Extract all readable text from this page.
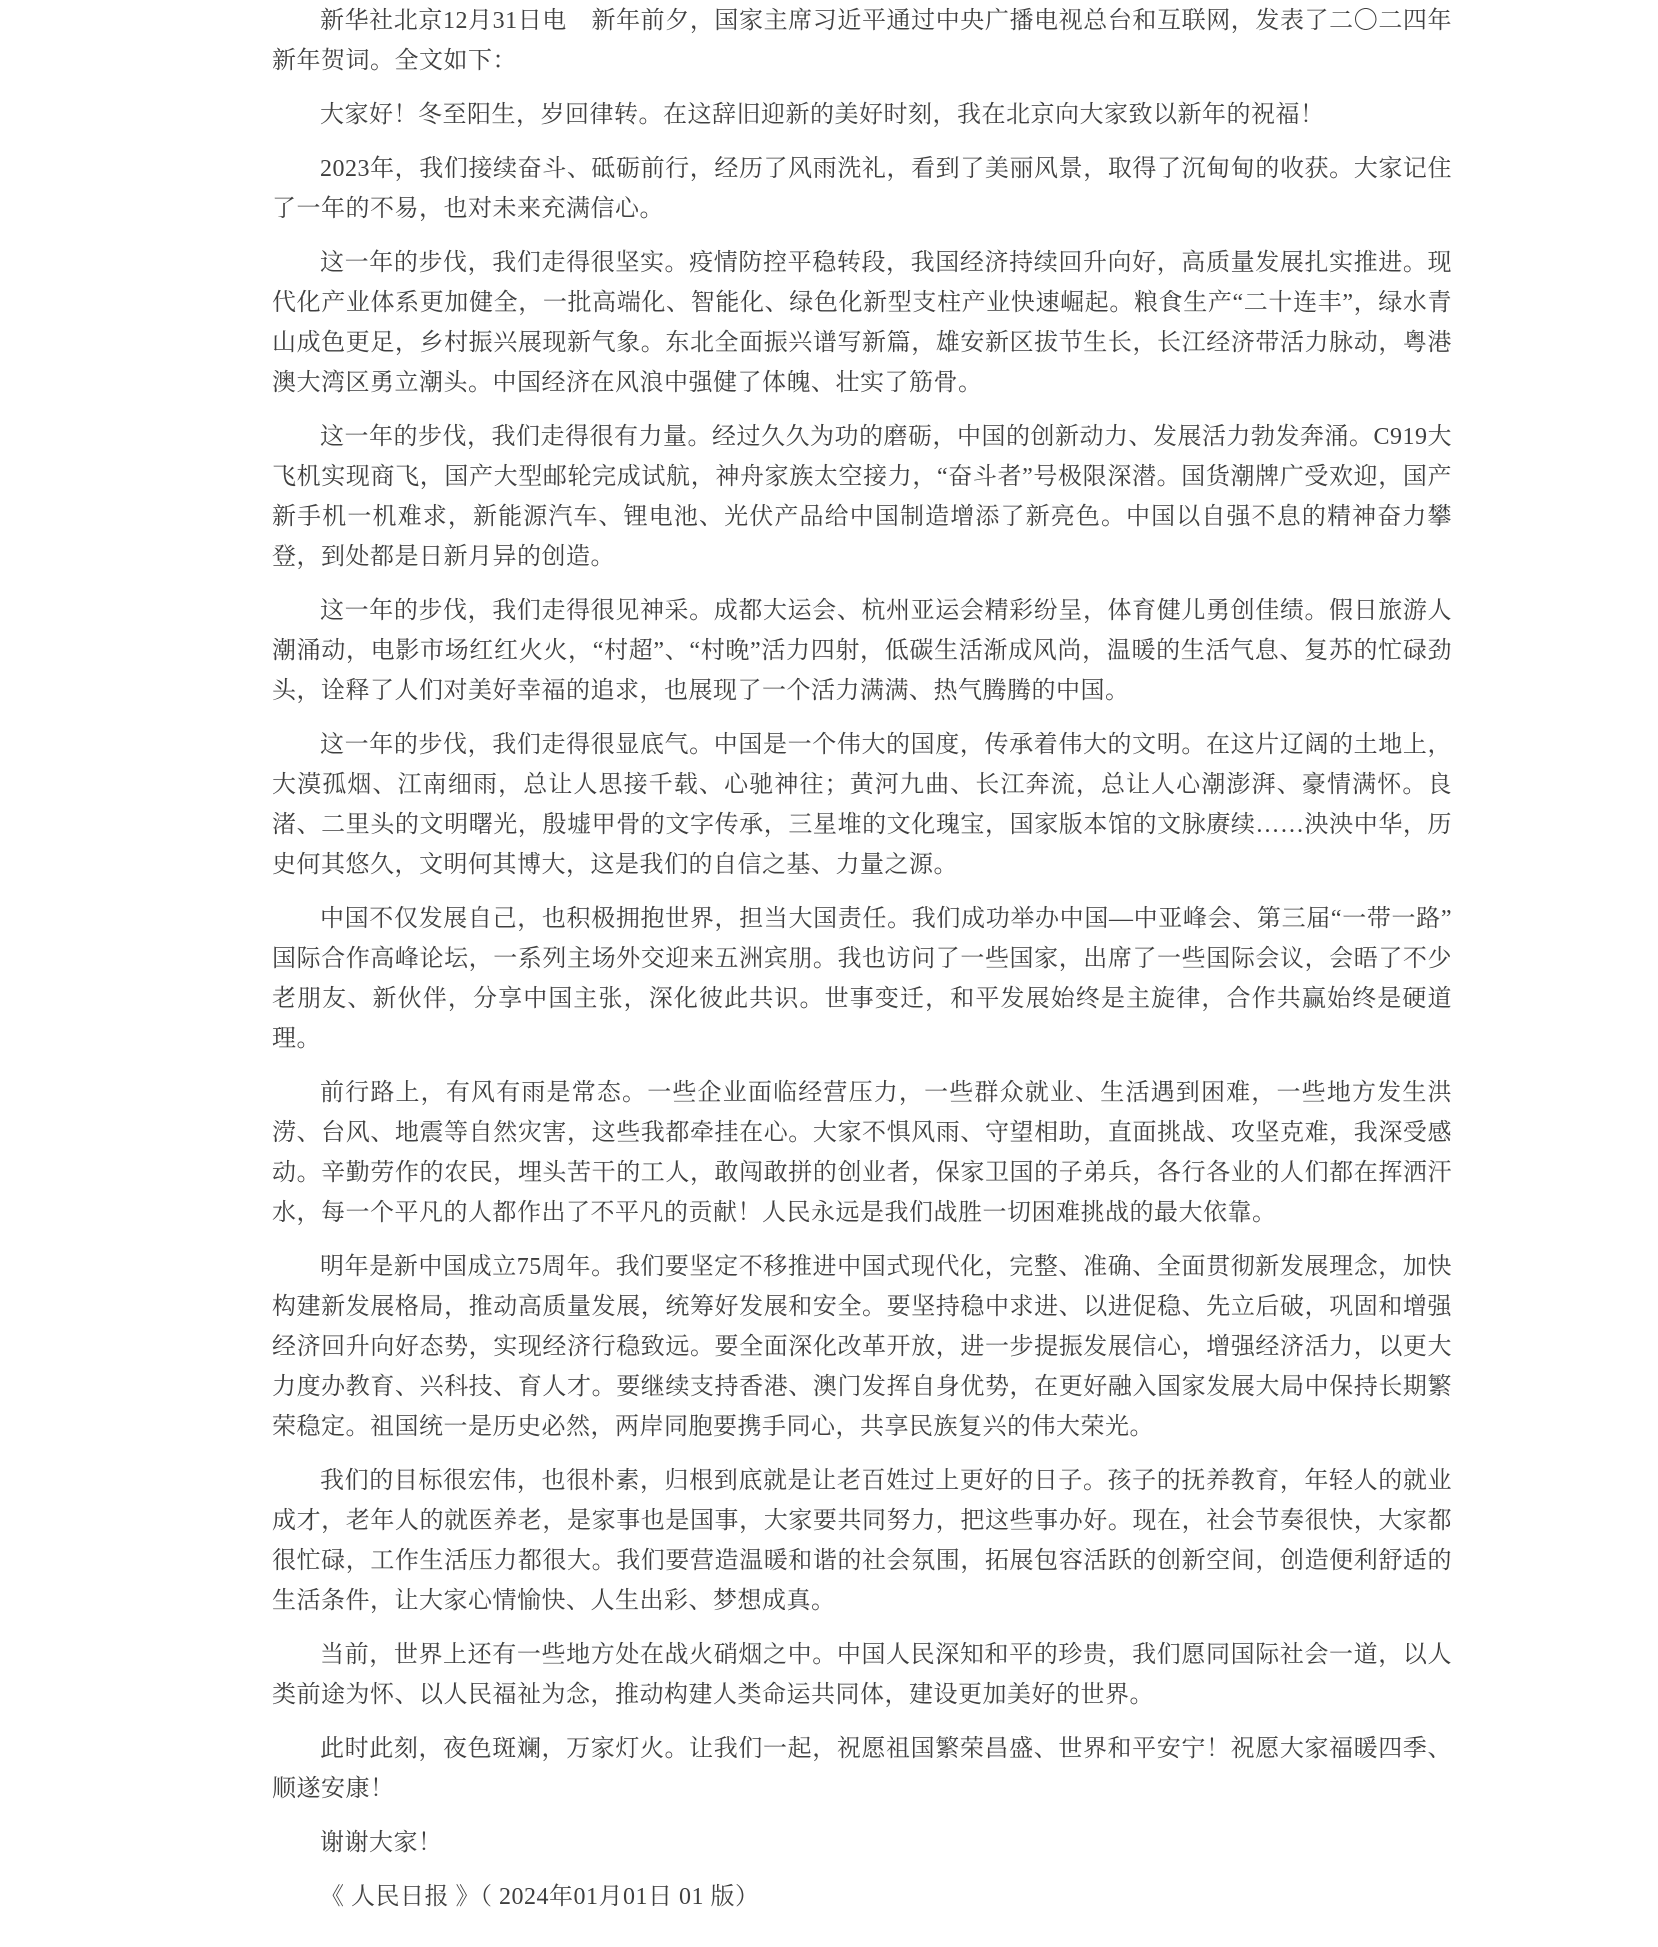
新华社北京12月31日电　新年前夕，国家主席习近平通过中央广播电视总台和互联网，发表了二〇二四年新年贺词。全文如下：

大家好！冬至阳生，岁回律转。在这辞旧迎新的美好时刻，我在北京向大家致以新年的祝福！

2023年，我们接续奋斗、砥砺前行，经历了风雨洗礼，看到了美丽风景，取得了沉甸甸的收获。大家记住了一年的不易，也对未来充满信心。

这一年的步伐，我们走得很坚实。疫情防控平稳转段，我国经济持续回升向好，高质量发展扎实推进。现代化产业体系更加健全，一批高端化、智能化、绿色化新型支柱产业快速崛起。粮食生产“二十连丰”，绿水青山成色更足，乡村振兴展现新气象。东北全面振兴谱写新篇，雄安新区拔节生长，长江经济带活力脉动，粤港澳大湾区勇立潮头。中国经济在风浪中强健了体魄、壮实了筋骨。

这一年的步伐，我们走得很有力量。经过久久为功的磨砺，中国的创新动力、发展活力勃发奔涌。C919大飞机实现商飞，国产大型邮轮完成试航，神舟家族太空接力，“奋斗者”号极限深潜。国货潮牌广受欢迎，国产新手机一机难求，新能源汽车、锂电池、光伏产品给中国制造增添了新亮色。中国以自强不息的精神奋力攀登，到处都是日新月异的创造。

这一年的步伐，我们走得很见神采。成都大运会、杭州亚运会精彩纷呈，体育健儿勇创佳绩。假日旅游人潮涌动，电影市场红红火火，“村超”、“村晚”活力四射，低碳生活渐成风尚，温暖的生活气息、复苏的忙碌劲头，诠释了人们对美好幸福的追求，也展现了一个活力满满、热气腾腾的中国。

这一年的步伐，我们走得很显底气。中国是一个伟大的国度，传承着伟大的文明。在这片辽阔的土地上，大漠孤烟、江南细雨，总让人思接千载、心驰神往；黄河九曲、长江奔流，总让人心潮澎湃、豪情满怀。良渚、二里头的文明曙光，殷墟甲骨的文字传承，三星堆的文化瑰宝，国家版本馆的文脉赓续……泱泱中华，历史何其悠久，文明何其博大，这是我们的自信之基、力量之源。

中国不仅发展自己，也积极拥抱世界，担当大国责任。我们成功举办中国—中亚峰会、第三届“一带一路”国际合作高峰论坛，一系列主场外交迎来五洲宾朋。我也访问了一些国家，出席了一些国际会议，会晤了不少老朋友、新伙伴，分享中国主张，深化彼此共识。世事变迁，和平发展始终是主旋律，合作共赢始终是硬道理。

前行路上，有风有雨是常态。一些企业面临经营压力，一些群众就业、生活遇到困难，一些地方发生洪涝、台风、地震等自然灾害，这些我都牵挂在心。大家不惧风雨、守望相助，直面挑战、攻坚克难，我深受感动。辛勤劳作的农民，埋头苦干的工人，敢闯敢拼的创业者，保家卫国的子弟兵，各行各业的人们都在挥洒汗水，每一个平凡的人都作出了不平凡的贡献！人民永远是我们战胜一切困难挑战的最大依靠。

明年是新中国成立75周年。我们要坚定不移推进中国式现代化，完整、准确、全面贯彻新发展理念，加快构建新发展格局，推动高质量发展，统筹好发展和安全。要坚持稳中求进、以进促稳、先立后破，巩固和增强经济回升向好态势，实现经济行稳致远。要全面深化改革开放，进一步提振发展信心，增强经济活力，以更大力度办教育、兴科技、育人才。要继续支持香港、澳门发挥自身优势，在更好融入国家发展大局中保持长期繁荣稳定。祖国统一是历史必然，两岸同胞要携手同心，共享民族复兴的伟大荣光。

我们的目标很宏伟，也很朴素，归根到底就是让老百姓过上更好的日子。孩子的抚养教育，年轻人的就业成才，老年人的就医养老，是家事也是国事，大家要共同努力，把这些事办好。现在，社会节奏很快，大家都很忙碌，工作生活压力都很大。我们要营造温暖和谐的社会氛围，拓展包容活跃的创新空间，创造便利舒适的生活条件，让大家心情愉快、人生出彩、梦想成真。

当前，世界上还有一些地方处在战火硝烟之中。中国人民深知和平的珍贵，我们愿同国际社会一道，以人类前途为怀、以人民福祉为念，推动构建人类命运共同体，建设更加美好的世界。

此时此刻，夜色斑斓，万家灯火。让我们一起，祝愿祖国繁荣昌盛、世界和平安宁！祝愿大家福暖四季、顺遂安康！

谢谢大家！

《 人民日报 》（ 2024年01月01日 01 版）
